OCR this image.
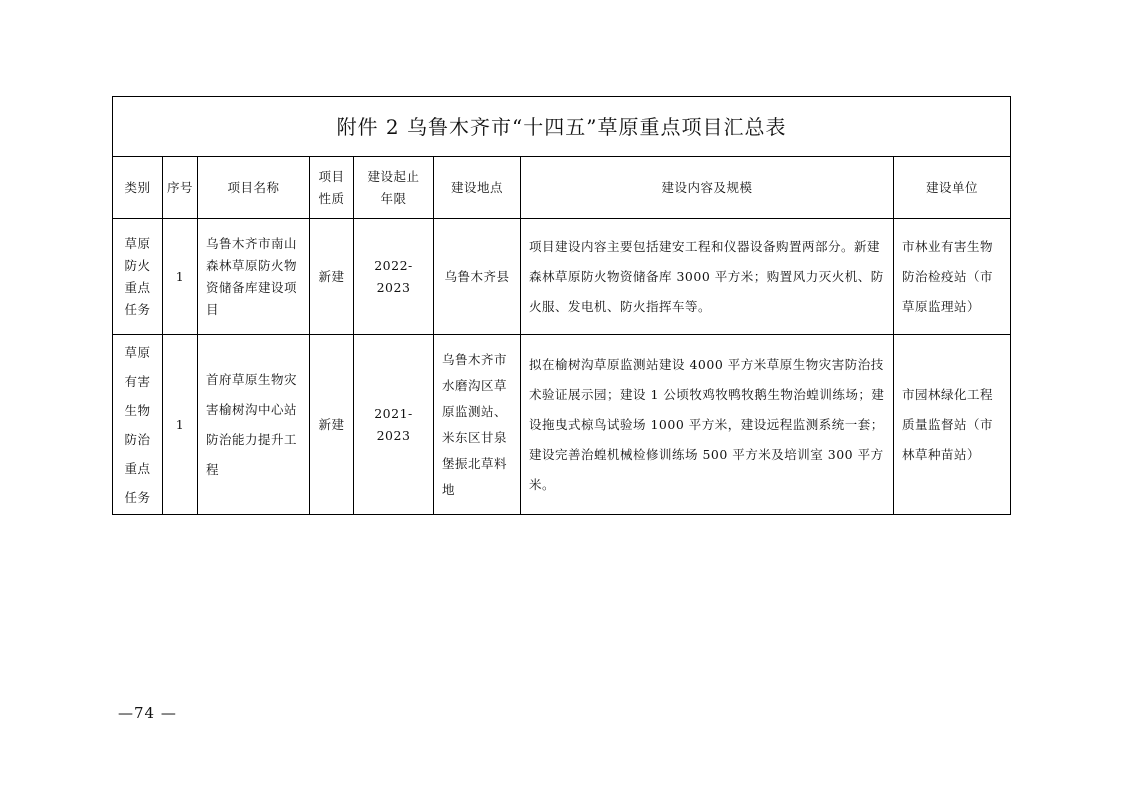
附件 2 乌鲁木齐市“十四五”草原重点项目汇总表							
类别	序号	项目名称	项目性质	建设起止年限	建设地点	建设内容及规模	建设单位

草原防火重点任务	1	乌鲁木齐市南山森林草原防火物资储备库建设项目	新建	2022-2023	乌鲁木齐县	项目建设内容主要包括建安工程和仪器设备购置两部分。新建森林草原防火物资储备库 3000 平方米；购置风力灭火机、防火服、发电机、防火指挥车等。	市林业有害生物防治检疫站（市草原监理站）

草原有害生物防治重点任务	1	首府草原生物灾害榆树沟中心站防治能力提升工程	新建	2021-2023	乌鲁木齐市水磨沟区草原监测站、米东区甘泉堡振北草料地	拟在榆树沟草原监测站建设 4000 平方米草原生物灾害防治技术验证展示园；建设 1 公顷牧鸡牧鸭牧鹅生物治蝗训练场；建设拖曳式椋鸟试验场 1000 平方米，建设远程监测系统一套；建设完善治蝗机械检修训练场 500 平方米及培训室 300 平方米。	市园林绿化工程质量监督站（市林草种苗站）
—74 —
